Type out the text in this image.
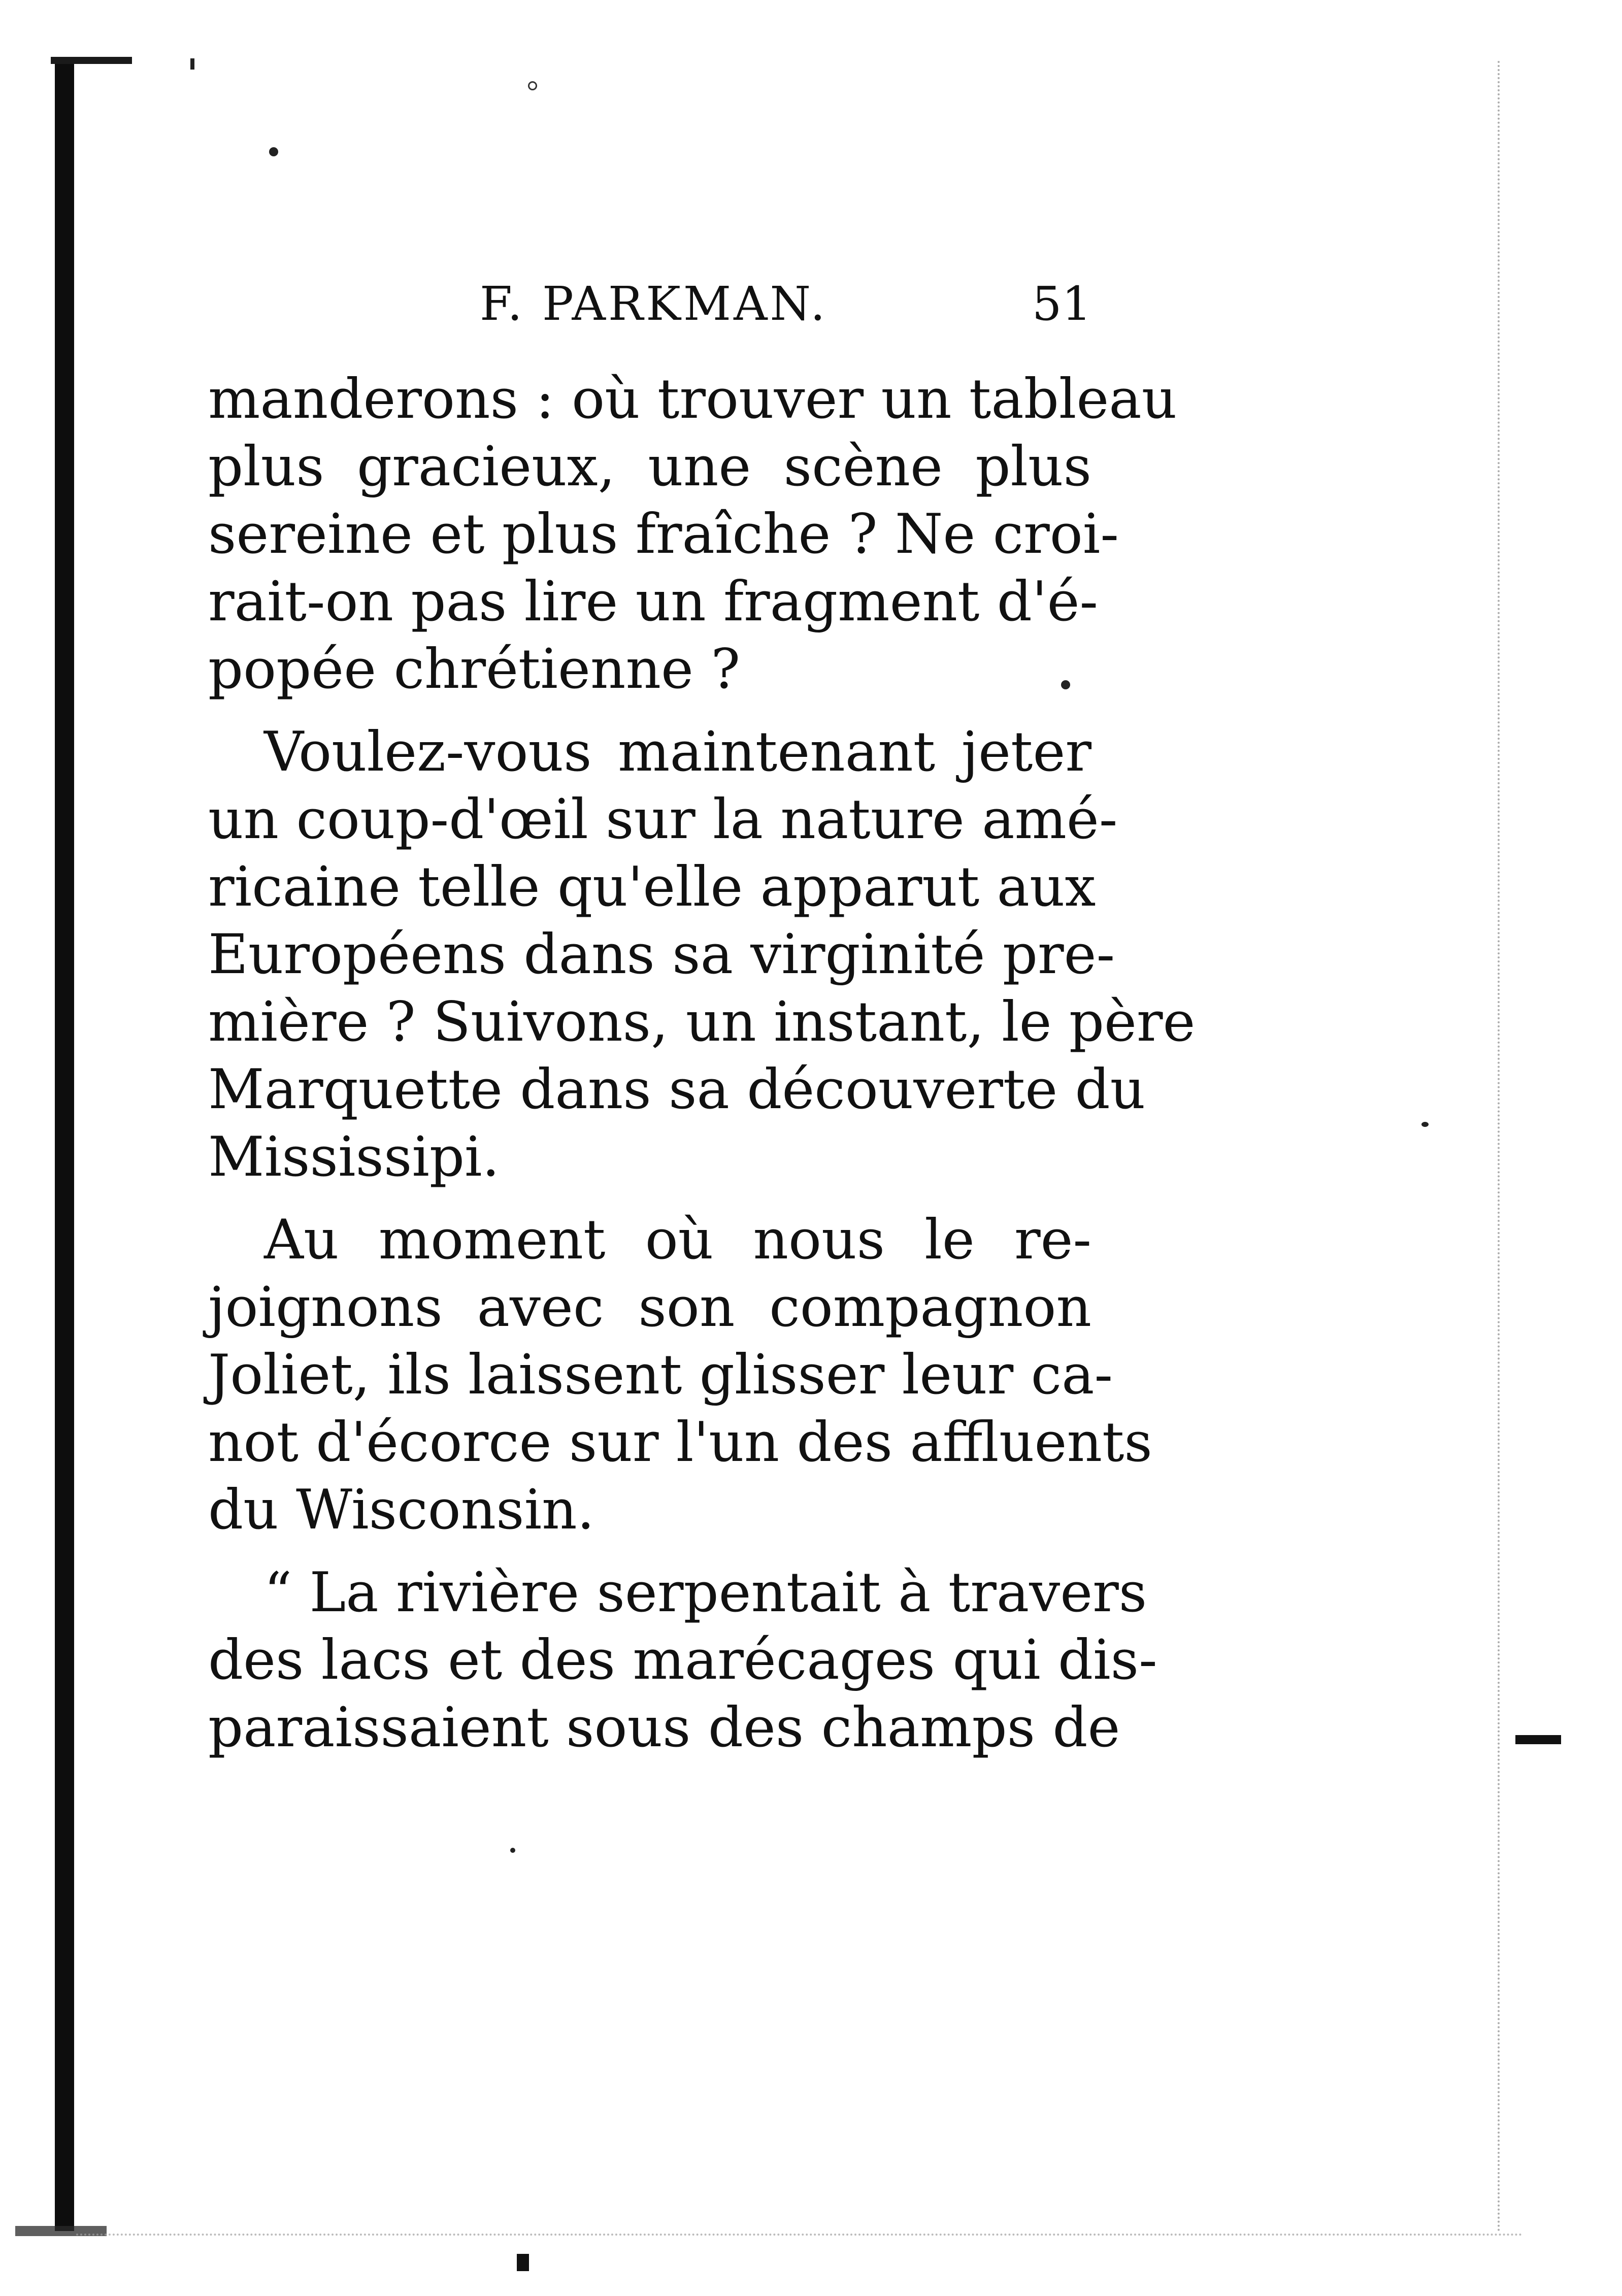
F. PARKMAN.	51
manderons : où trouver un tableau
plus gracieux, une scène plus
sereine et plus fraîche ? Ne croi-
rait-on pas lire un fragment d'é-
popée chrétienne ?
Voulez-vous maintenant jeter
un coup-d'œil sur la nature amé-
ricaine telle qu'elle apparut aux
Européens dans sa virginité pre-
mière ? Suivons, un instant, le père
Marquette dans sa découverte du
Mississipi.
Au moment où nous le re-
joignons avec son compagnon
Joliet, ils laissent glisser leur ca-
not d'écorce sur l'un des affluents
du Wisconsin.
“ La rivière serpentait à travers
des lacs et des marécages qui dis-
paraissaient sous des champs de
